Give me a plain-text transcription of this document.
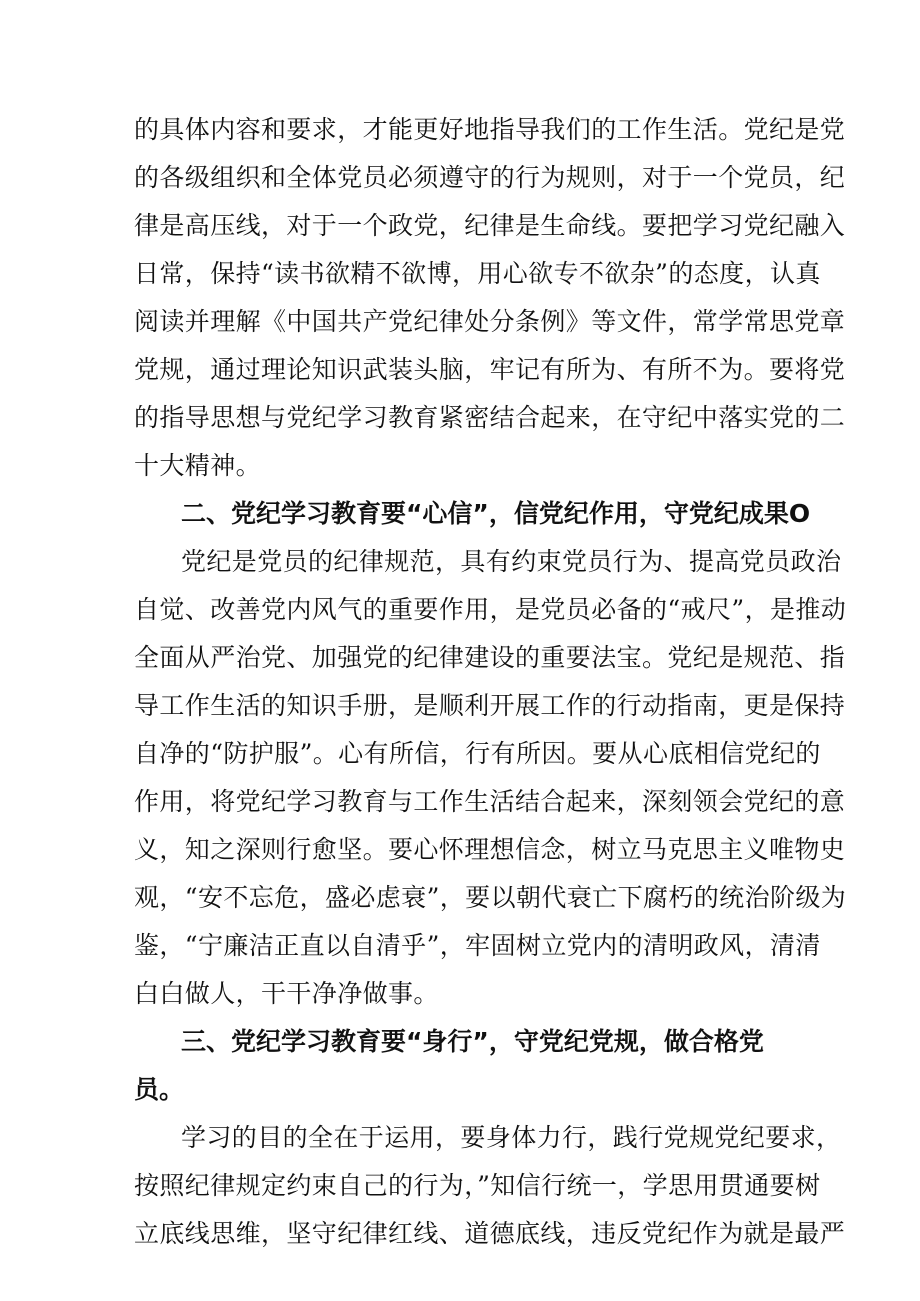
的具体内容和要求，才能更好地指导我们的工作生活。党纪是党
的各级组织和全体党员必须遵守的行为规则，对于一个党员，纪
律是高压线，对于一个政党，纪律是生命线。要把学习党纪融入
日常，保持“读书欲精不欲博，用心欲专不欲杂”的态度，认真
阅读并理解《中国共产党纪律处分条例》等文件，常学常思党章
党规，通过理论知识武装头脑，牢记有所为、有所不为。要将党
的指导思想与党纪学习教育紧密结合起来，在守纪中落实党的二
十大精神。
二、党纪学习教育要“心信”，信党纪作用，守党纪成果O
党纪是党员的纪律规范，具有约束党员行为、提高党员政治
自觉、改善党内风气的重要作用，是党员必备的“戒尺”，是推动
全面从严治党、加强党的纪律建设的重要法宝。党纪是规范、指
导工作生活的知识手册，是顺利开展工作的行动指南，更是保持
自净的“防护服”。心有所信，行有所因。要从心底相信党纪的
作用，将党纪学习教育与工作生活结合起来，深刻领会党纪的意
义，知之深则行愈坚。要心怀理想信念，树立马克思主义唯物史
观，“安不忘危，盛必虑衰”，要以朝代衰亡下腐朽的统治阶级为
鉴，“宁廉洁正直以自清乎”，牢固树立党内的清明政风，清清
白白做人，干干净净做事。
三、党纪学习教育要“身行”，守党纪党规，做合格党
员。
学习的目的全在于运用，要身体力行，践行党规党纪要求，
按照纪律规定约束自己的行为，”知信行统一，学思用贯通要树
立底线思维，坚守纪律红线、道德底线，违反党纪作为就是最严
